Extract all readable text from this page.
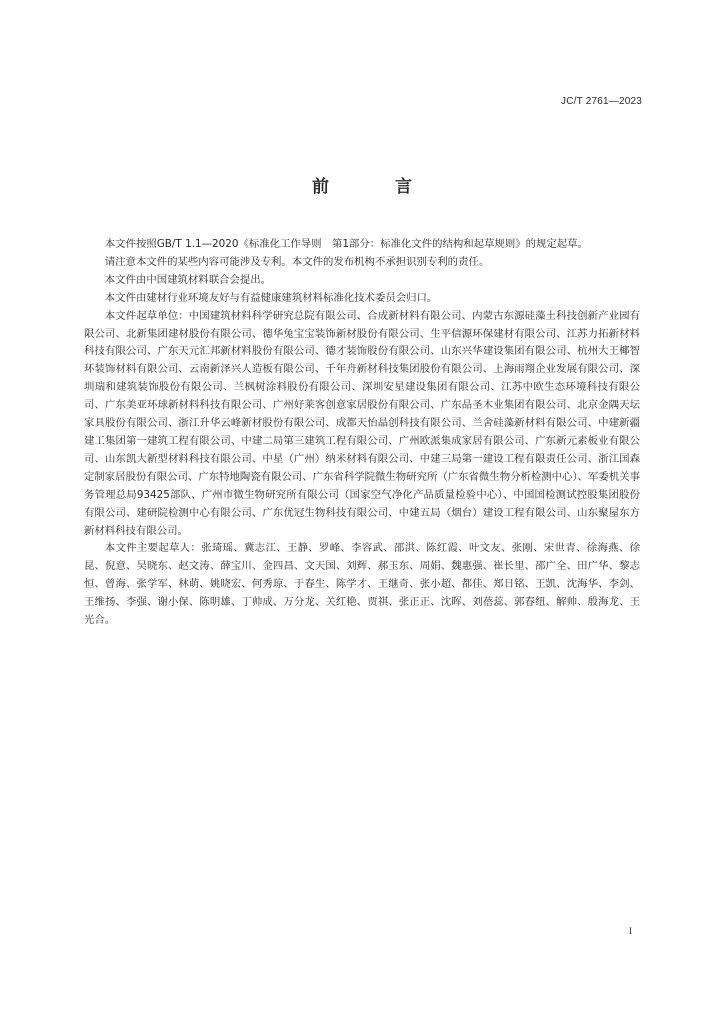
JC/T 2761—2023
前 言

本文件按照GB/T 1.1—2020《标准化工作导则　第1部分：标准化文件的结构和起草规则》的规定起草。

请注意本文件的某些内容可能涉及专利。本文件的发布机构不承担识别专利的责任。

本文件由中国建筑材料联合会提出。

本文件由建材行业环境友好与有益健康建筑材料标准化技术委员会归口。

本文件起草单位：中国建筑材料科学研究总院有限公司、合成新材料有限公司、内蒙古东源硅藻土科技创新产业园有限公司、北新集团建材股份有限公司、德华兔宝宝装饰新材股份有限公司、生平信源环保建材有限公司、江苏力拓新材料科技有限公司、广东天元汇邦新材料股份有限公司、德才装饰股份有限公司、山东兴华建设集团有限公司、杭州大王椰智环装饰材料有限公司、云南新泽兴人造板有限公司、千年舟新材科技集团股份有限公司、上海雨翔企业发展有限公司、深圳瑞和建筑装饰股份有限公司、兰枫树涂料股份有限公司、深圳安星建设集团有限公司、江苏中欧生态环境科技有限公司、广东美亚环球新材料科技有限公司、广州好莱客创意家居股份有限公司、广东品圣木业集团有限公司、北京金隅天坛家具股份有限公司、浙江升华云峰新材股份有限公司、成都天怡晶创科技有限公司、兰舍硅藻新材料有限公司、中建新疆建工集团第一建筑工程有限公司、中建二局第三建筑工程有限公司、广州欧派集成家居有限公司、广东新元素板业有限公司、山东凯大新型材料科技有限公司、中星（广州）纳米材料有限公司、中建三局第一建设工程有限责任公司、浙江国森定制家居股份有限公司、广东特地陶瓷有限公司、广东省科学院微生物研究所（广东省微生物分析检测中心）、军委机关事务管理总局93425部队、广州市微生物研究所有限公司（国家空气净化产品质量检验中心）、中国国检测试控股集团股份有限公司、建研院检测中心有限公司、广东优冠生物科技有限公司、中建五局（烟台）建设工程有限公司、山东聚屋东方新材料科技有限公司。

本文件主要起草人：张琦瑶、冀志江、王静、罗峰、李容武、邵洪、陈红霞、叶文友、张刚、宋世青、徐海燕、徐昆、倪意、吴晓东、赵文涛、薛宝川、金四昌、文天国、刘辉、郝玉东、周娟、魏惠强、崔长里、邵广全、田广华、黎志恒、曾海、张学军、林萌、姚晓宏、何秀琼、于春生、陈学才、王继奇、张小超、都佳、郑日铭、王凯、沈海华、李剑、王维扬、李强、谢小保、陈明雄、丁帅成、万分龙、关红艳、贾祺、张正正、沈晖、刘蓓蕊、郭春纽、解帅、殷海龙、王光合。

I
